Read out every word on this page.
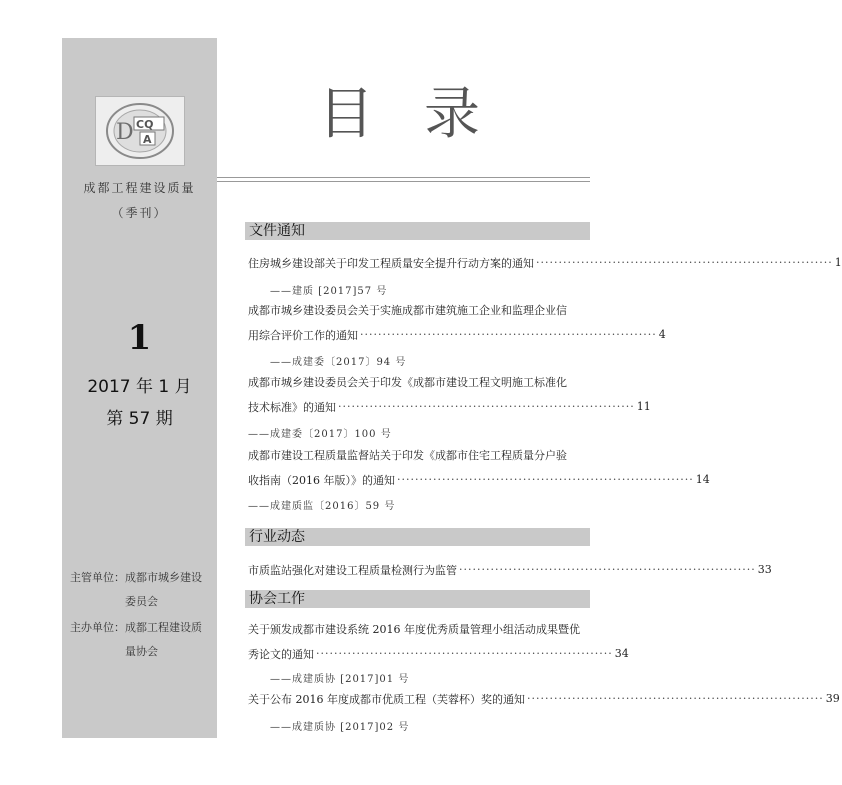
D CQ
A
成都工程建设质量
（季刊）
1
2017 年 1 月
第 57 期
主管单位：成都市城乡建设委员会
主办单位：成都工程建设质量协会
目录
文件通知
住房城乡建设部关于印发工程质量安全提升行动方案的通知 ·································································· 1
——建质 [2017]57 号
成都市城乡建设委员会关于实施成都市建筑施工企业和监理企业信
用综合评价工作的通知 ·································································· 4
——成建委〔2017〕94 号
成都市城乡建设委员会关于印发《成都市建设工程文明施工标准化
技术标准》的通知 ·································································· 11
——成建委〔2017〕100 号
成都市建设工程质量监督站关于印发《成都市住宅工程质量分户验
收指南（2016 年版）》的通知 ·································································· 14
——成建质监〔2016〕59 号
行业动态
市质监站强化对建设工程质量检测行为监管 ·································································· 33
协会工作
关于颁发成都市建设系统 2016 年度优秀质量管理小组活动成果暨优
秀论文的通知 ·································································· 34
——成建质协 [2017]01 号
关于公布 2016 年度成都市优质工程（芙蓉杯）奖的通知 ·································································· 39
——成建质协 [2017]02 号
